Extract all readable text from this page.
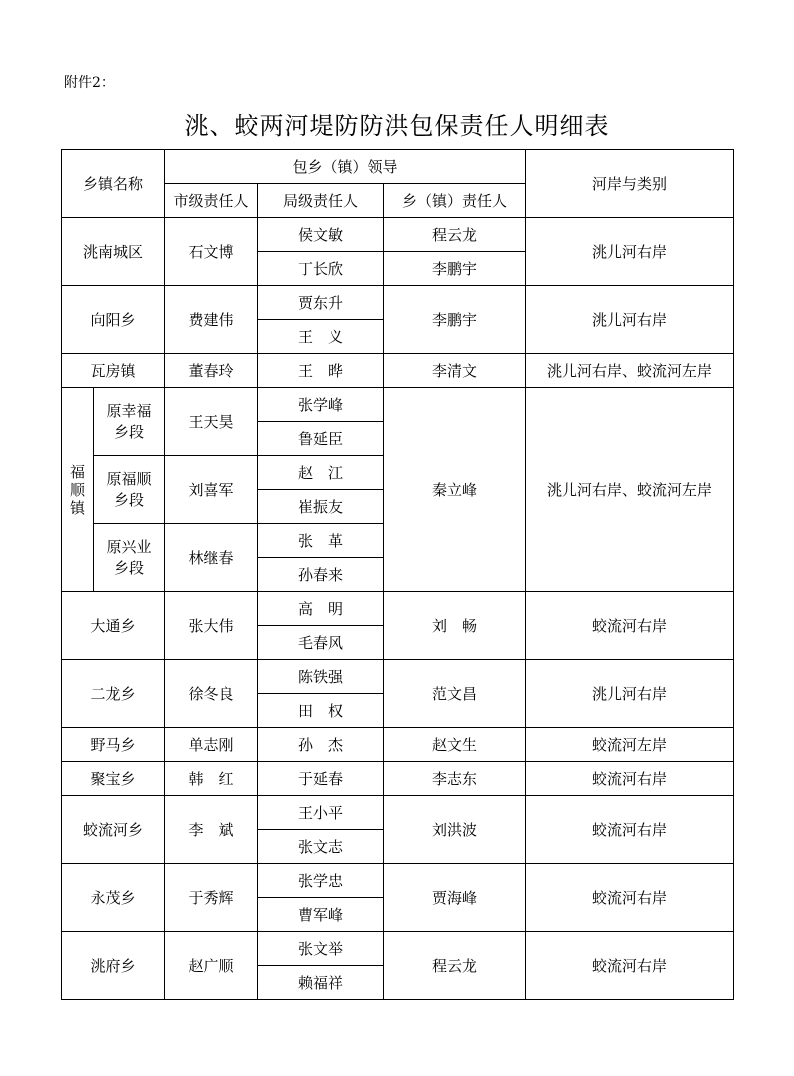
附件2：
洮、蛟两河堤防防洪包保责任人明细表
乡镇名称		包乡（镇）领导			河岸与类别
		市级责任人	局级责任人	乡（镇）责任人	
洮南城区		石文博	侯文敏	程云龙	洮儿河右岸
			丁长欣	李鹏宇	
向阳乡		费建伟	贾东升	李鹏宇	洮儿河右岸
			王　义		
瓦房镇		董春玲	王　晔	李清文	洮儿河右岸、蛟流河左岸
福
顺
镇	原幸福乡段	王天昊	张学峰	秦立峰	洮儿河右岸、蛟流河左岸
			鲁延臣		
	原福顺乡段	刘喜军	赵　江		
			崔振友		
	原兴业乡段	林继春	张　革		
			孙春来		
大通乡		张大伟	高　明	刘　畅	蛟流河右岸
			毛春风		
二龙乡		徐冬良	陈铁强	范文昌	洮儿河右岸
			田　权		
野马乡		单志刚	孙　杰	赵文生	蛟流河左岸
聚宝乡		韩　红	于延春	李志东	蛟流河右岸
蛟流河乡		李　斌	王小平	刘洪波	蛟流河右岸
			张文志		
永茂乡		于秀辉	张学忠	贾海峰	蛟流河右岸
			曹军峰		
洮府乡		赵广顺	张文举	程云龙	蛟流河右岸
			赖福祥		
